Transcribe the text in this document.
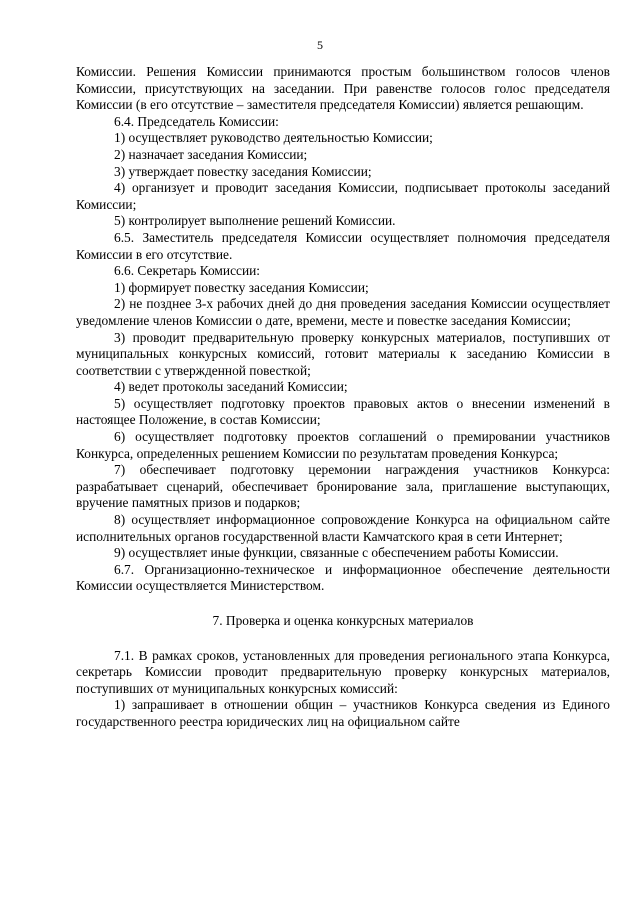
5

Комиссии. Решения Комиссии принимаются простым большинством голосов членов Комиссии, присутствующих на заседании. При равенстве голосов голос председателя Комиссии (в его отсутствие – заместителя председателя Комиссии) является решающим.

6.4. Председатель Комиссии:

1) осуществляет руководство деятельностью Комиссии;

2) назначает заседания Комиссии;

3) утверждает повестку заседания Комиссии;

4) организует и проводит заседания Комиссии, подписывает протоколы заседаний Комиссии;

5) контролирует выполнение решений Комиссии.

6.5. Заместитель председателя Комиссии осуществляет полномочия председателя Комиссии в его отсутствие.

6.6. Секретарь Комиссии:

1) формирует повестку заседания Комиссии;

2) не позднее 3-х рабочих дней до дня проведения заседания Комиссии осуществляет уведомление членов Комиссии о дате, времени, месте и повестке заседания Комиссии;

3) проводит предварительную проверку конкурсных материалов, поступивших от муниципальных конкурсных комиссий, готовит материалы к заседанию Комиссии в соответствии с утвержденной повесткой;

4) ведет протоколы заседаний Комиссии;

5) осуществляет подготовку проектов правовых актов о внесении изменений в настоящее Положение, в состав Комиссии;

6) осуществляет подготовку проектов соглашений о премировании участников Конкурса, определенных решением Комиссии по результатам проведения Конкурса;

7) обеспечивает подготовку церемонии награждения участников Конкурса: разрабатывает сценарий, обеспечивает бронирование зала, приглашение выступающих, вручение памятных призов и подарков;

8) осуществляет информационное сопровождение Конкурса на официальном сайте исполнительных органов государственной власти Камчатского края в сети Интернет;

9) осуществляет иные функции, связанные с обеспечением работы Комиссии.

6.7. Организационно-техническое и информационное обеспечение деятельности Комиссии осуществляется Министерством.

7. Проверка и оценка конкурсных материалов

7.1. В рамках сроков, установленных для проведения регионального этапа Конкурса, секретарь Комиссии проводит предварительную проверку конкурсных материалов, поступивших от муниципальных конкурсных комиссий:

1) запрашивает в отношении общин – участников Конкурса сведения из Единого государственного реестра юридических лиц на официальном сайте
